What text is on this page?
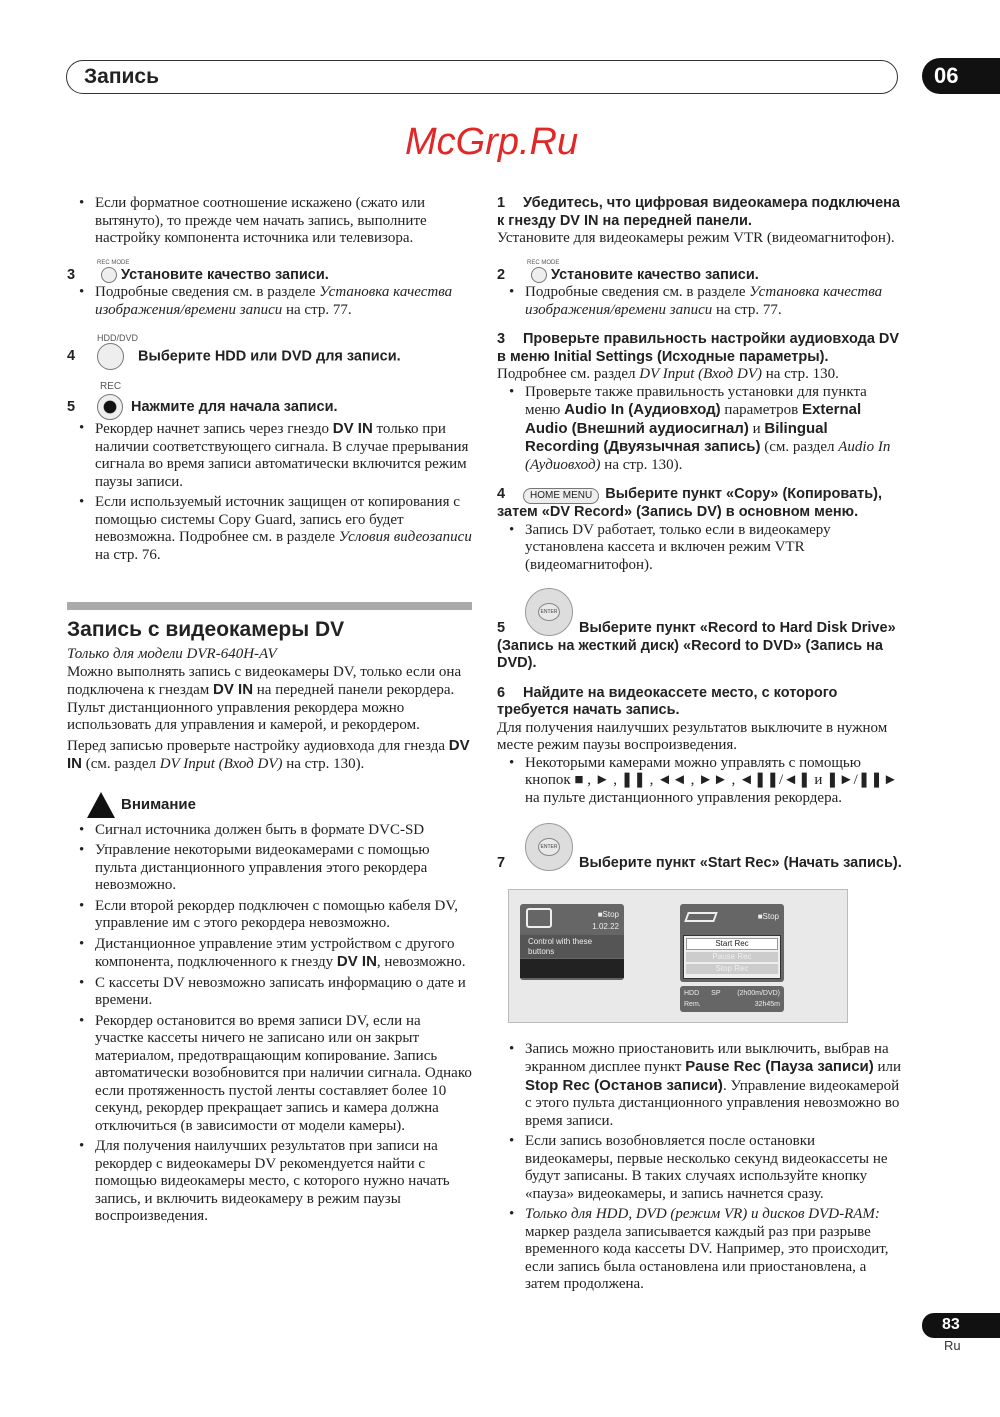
Запись	06
• Если форматное соотношение искажено (сжато или вытянуто), то прежде чем начать запись, выполните настройку компонента источника или телевизора.
REC MODE
3	Установите качество записи.
• Подробные сведения см. в разделе Установка качества изображения/времени записи на стр. 77.
HDD/DVD
4	Выберите HDD или DVD для записи.
REC
5	Нажмите для начала записи.
• Рекордер начнет запись через гнездо DV IN только при наличии соответствующего сигнала. В случае прерывания сигнала во время записи автоматически включится режим паузы записи.
• Если используемый источник защищен от копирования с помощью системы Copy Guard, запись его будет невозможна. Подробнее см. в разделе Условия видеозаписи на стр. 76.
Запись с видеокамеры DV
Только для модели DVR-640H-AV
Можно выполнять запись с видеокамеры DV, только если она подключена к гнездам DV IN на передней панели рекордера. Пульт дистанционного управления рекордера можно использовать для управления и камерой, и рекордером.
Перед записью проверьте настройку аудиовхода для гнезда DV IN (см. раздел DV Input (Вход DV) на стр. 130).
Внимание
• Сигнал источника должен быть в формате DVC-SD
• Управление некоторыми видеокамерами с помощью пульта дистанционного управления этого рекордера невозможно.
• Если второй рекордер подключен с помощью кабеля DV, управление им с этого рекордера невозможно.
• Дистанционное управление этим устройством с другого компонента, подключенного к гнезду DV IN, невозможно.
• С кассеты DV невозможно записать информацию о дате и времени.
• Рекордер остановится во время записи DV, если на участке кассеты ничего не записано или он закрыт материалом, предотвращающим копирование. Запись автоматически возобновится при наличии сигнала. Однако если протяженность пустой ленты составляет более 10 секунд, рекордер прекращает запись и камера должна отключиться (в зависимости от модели камеры).
• Для получения наилучших результатов при записи на рекордер с видеокамеры DV рекомендуется найти с помощью видеокамеры место, с которого нужно начать запись, и включить видеокамеру в режим паузы воспроизведения.
1 Убедитесь, что цифровая видеокамера подключена к гнезду DV IN на передней панели.
Установите для видеокамеры режим VTR (видеомагнитофон).
REC MODE
2	Установите качество записи.
• Подробные сведения см. в разделе Установка качества изображения/времени записи на стр. 77.
3 Проверьте правильность настройки аудиовхода DV в меню Initial Settings (Исходные параметры).
Подробнее см. раздел DV Input (Вход DV) на стр. 130.
• Проверьте также правильность установки для пункта меню Audio In (Аудиовход) параметров External Audio (Внешний аудиосигнал) и Bilingual Recording (Двуязычная запись) (см. раздел Audio In (Аудиовход) на стр. 130).
4 HOME MENU Выберите пункт «Copy» (Копировать), затем «DV Record» (Запись DV) в основном меню.
• Запись DV работает, только если в видеокамеру установлена кассета и включен режим VTR (видеомагнитофон).
ENTER
5	Выберите пункт «Record to Hard Disk Drive» (Запись на жесткий диск) «Record to DVD» (Запись на DVD).
6 Найдите на видеокассете место, с которого требуется начать запись.
Для получения наилучших результатов выключите в нужном месте режим паузы воспроизведения.
• Некоторыми камерами можно управлять с помощью кнопок ■ , ► , ❚❚ , ◄◄ , ►► , ◄❚❚/◄❚ и ❚►/❚❚► на пульте дистанционного управления рекордера.
ENTER
7	Выберите пункт «Start Rec» (Начать запись).
■Stop
1.02.22
Control with these buttons
■Stop
Start Rec
Pause Rec
Stop Rec
HDD SP (2h00m/DVD)

Rem.	32h45m
• Запись можно приостановить или выключить, выбрав на экранном дисплее пункт Pause Rec (Пауза записи) или Stop Rec (Останов записи). Управление видеокамерой с этого пульта дистанционного управления невозможно во время записи.
• Если запись возобновляется после остановки видеокамеры, первые несколько секунд видеокассеты не будут записаны. В таких случаях используйте кнопку «пауза» видеокамеры, и запись начнется сразу.
• Только для HDD, DVD (режим VR) и дисков DVD-RAM: маркер раздела записывается каждый раз при разрыве временного кода кассеты DV. Например, это происходит, если запись была остановлена или приостановлена, а затем продолжена.
McGrp.Ru
83
Ru
